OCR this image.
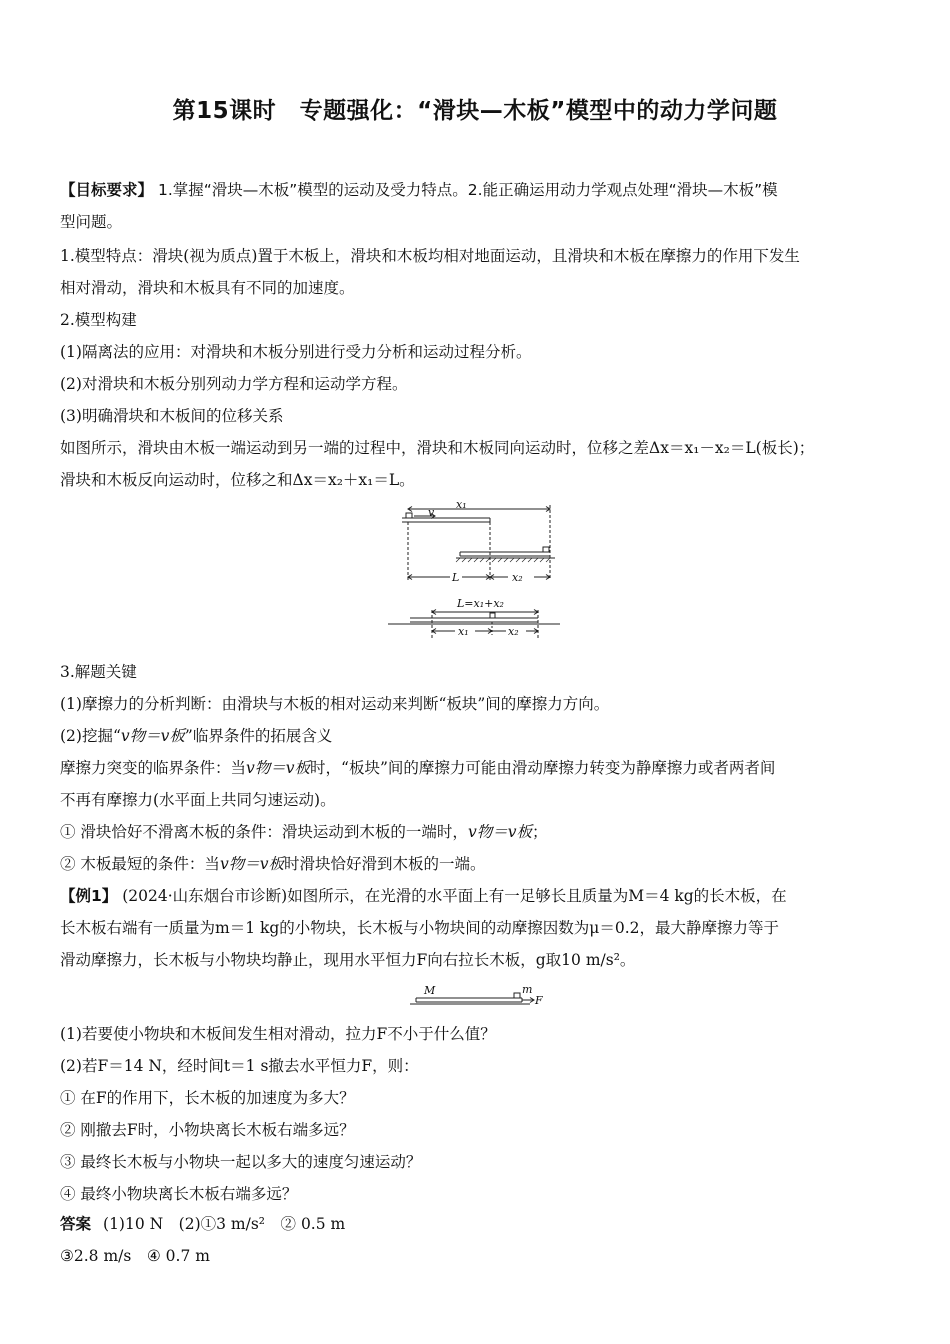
第15课时　专题强化：“滑块—木板”模型中的动力学问题
【目标要求】 1.掌握“滑块—木板”模型的运动及受力特点。2.能正确运用动力学观点处理“滑块—木板”模
型问题。
1.模型特点：滑块(视为质点)置于木板上，滑块和木板均相对地面运动，且滑块和木板在摩擦力的作用下发生
相对滑动，滑块和木板具有不同的加速度。
2.模型构建
(1)隔离法的应用：对滑块和木板分别进行受力分析和运动过程分析。
(2)对滑块和木板分别列动力学方程和运动学方程。
(3)明确滑块和木板间的位移关系
如图所示，滑块由木板一端运动到另一端的过程中，滑块和木板同向运动时，位移之差Δx＝x₁－x₂＝L(板长)；
滑块和木板反向运动时，位移之和Δx＝x₂＋x₁＝L。
x₁
v
L	x₂
L=x₁+x₂
x₁	x₂
3.解题关键
(1)摩擦力的分析判断：由滑块与木板的相对运动来判断“板块”间的摩擦力方向。
(2)挖掘“v物＝v板”临界条件的拓展含义
摩擦力突变的临界条件：当v物＝v板时，“板块”间的摩擦力可能由滑动摩擦力转变为静摩擦力或者两者间
不再有摩擦力(水平面上共同匀速运动)。
① 滑块恰好不滑离木板的条件：滑块运动到木板的一端时，v物＝v板；
② 木板最短的条件：当v物＝v板时滑块恰好滑到木板的一端。
【例1】 (2024·山东烟台市诊断)如图所示，在光滑的水平面上有一足够长且质量为M＝4 kg的长木板，在
长木板右端有一质量为m＝1 kg的小物块，长木板与小物块间的动摩擦因数为μ＝0.2，最大静摩擦力等于
滑动摩擦力，长木板与小物块均静止，现用水平恒力F向右拉长木板，g取10 m/s²。
M	m
F
(1)若要使小物块和木板间发生相对滑动，拉力F不小于什么值？
(2)若F＝14 N，经时间t＝1 s撤去水平恒力F，则：
① 在F的作用下，长木板的加速度为多大？
② 刚撤去F时，小物块离长木板右端多远？
③ 最终长木板与小物块一起以多大的速度匀速运动？
④ 最终小物块离长木板右端多远？
答案 (1)10 N　(2)①3 m/s²　② 0.5 m
③2.8 m/s　④ 0.7 m
